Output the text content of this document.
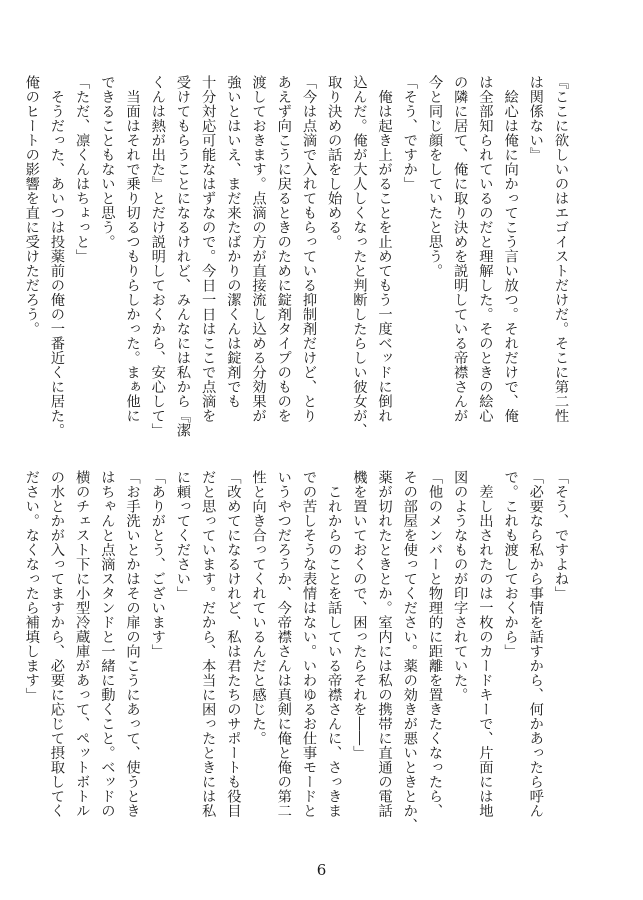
『ここに欲しいのはエゴイストだけだ。そこに第二性
は関係ない』
　絵心は俺に向かってこう言い放つ。それだけで、俺
は全部知られているのだと理解した。そのときの絵心
の隣に居て、俺に取り決めを説明している帝襟さんが
今と同じ顔をしていたと思う。
「そう、ですか」
　俺は起き上がることを止めてもう一度ベッドに倒れ
込んだ。俺が大人しくなったと判断したらしい彼女が、
取り決めの話をし始める。
「今は点滴で入れてもらっている抑制剤だけど、とり
あえず向こうに戻るときのために錠剤タイプのものを
渡しておきます。点滴の方が直接流し込める分効果が
強いとはいえ、まだ来たばかりの潔くんは錠剤でも
十分対応可能なはずなので。今日一日はここで点滴を
受けてもらうことになるけれど、みんなには私から『潔
くんは熱が出た』とだけ説明しておくから、安心して」
　当面はそれで乗り切るつもりらしかった。まぁ他に
できることもないと思う。
「ただ、凛くんはちょっと」
　そうだった、あいつは投薬前の俺の一番近くに居た。
俺のヒートの影響を直に受けただろう。
「そう、ですよね」
「必要なら私から事情を話すから、何かあったら呼ん
で。これも渡しておくから」
　差し出されたのは一枚のカードキーで、片面には地
図のようなものが印字されていた。
「他のメンバーと物理的に距離を置きたくなったら、
その部屋を使ってください。薬の効きが悪いときとか、
薬が切れたときとか。室内には私の携帯に直通の電話
機を置いておくので、困ったらそれを――」
　これからのことを話している帝襟さんに、さっきま
での苦しそうな表情はない。いわゆるお仕事モードと
いうやつだろうか、今帝襟さんは真剣に俺と俺の第二
性と向き合ってくれているんだと感じた。
「改めてになるけれど、私は君たちのサポートも役目
だと思っています。だから、本当に困ったときには私
に頼ってください」
「ありがとう、ございます」
「お手洗いとかはその扉の向こうにあって、使うとき
はちゃんと点滴スタンドと一緒に動くこと。ベッドの
横のチェスト下に小型冷蔵庫があって、ペットボトル
の水とかが入ってますから、必要に応じて摂取してく
ださい。なくなったら補填します」
6
